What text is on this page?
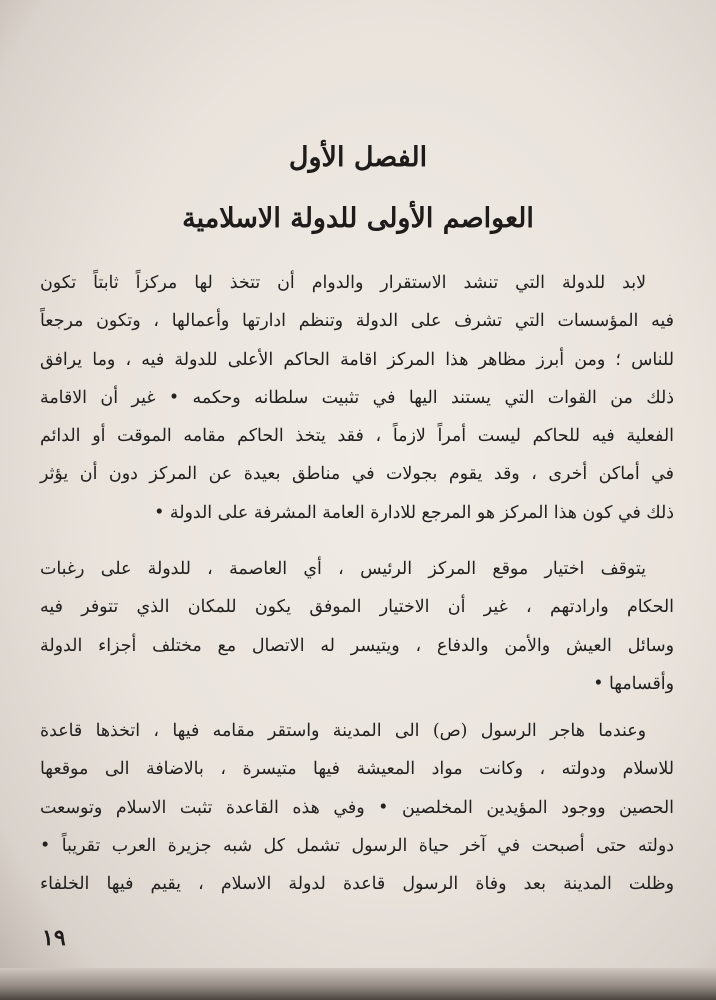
الفصل الأول
العواصم الأولى للدولة الاسلامية
لابد للدولة التي تنشد الاستقرار والدوام أن تتخذ لها مركزاً ثابتاً تكون
فيه المؤسسات التي تشرف على الدولة وتنظم ادارتها وأعمالها ، وتكون مرجعاً
للناس ؛ ومن أبرز مظاهر هذا المركز اقامة الحاكم الأعلى للدولة فيه ، وما يرافق
ذلك من القوات التي يستند اليها في تثبيت سلطانه وحكمه • غير أن الاقامة
الفعلية فيه للحاكم ليست أمراً لازماً ، فقد يتخذ الحاكم مقامه الموقت أو الدائم
في أماكن أخرى ، وقد يقوم بجولات في مناطق بعيدة عن المركز دون أن يؤثر
ذلك في كون هذا المركز هو المرجع للادارة العامة المشرفة على الدولة •
يتوقف اختيار موقع المركز الرئيس ، أي العاصمة ، للدولة على رغبات
الحكام وارادتهم ، غير أن الاختيار الموفق يكون للمكان الذي تتوفر فيه
وسائل العيش والأمن والدفاع ، ويتيسر له الاتصال مع مختلف أجزاء الدولة
وأقسامها •
وعندما هاجر الرسول (ص) الى المدينة واستقر مقامه فيها ، اتخذها قاعدة
للاسلام ودولته ، وكانت مواد المعيشة فيها متيسرة ، بالاضافة الى موقعها
الحصين ووجود المؤيدين المخلصين • وفي هذه القاعدة تثبت الاسلام وتوسعت
دولته حتى أصبحت في آخر حياة الرسول تشمل كل شبه جزيرة العرب تقريباً •
وظلت المدينة بعد وفاة الرسول قاعدة لدولة الاسلام ، يقيم فيها الخلفاء
١٩
